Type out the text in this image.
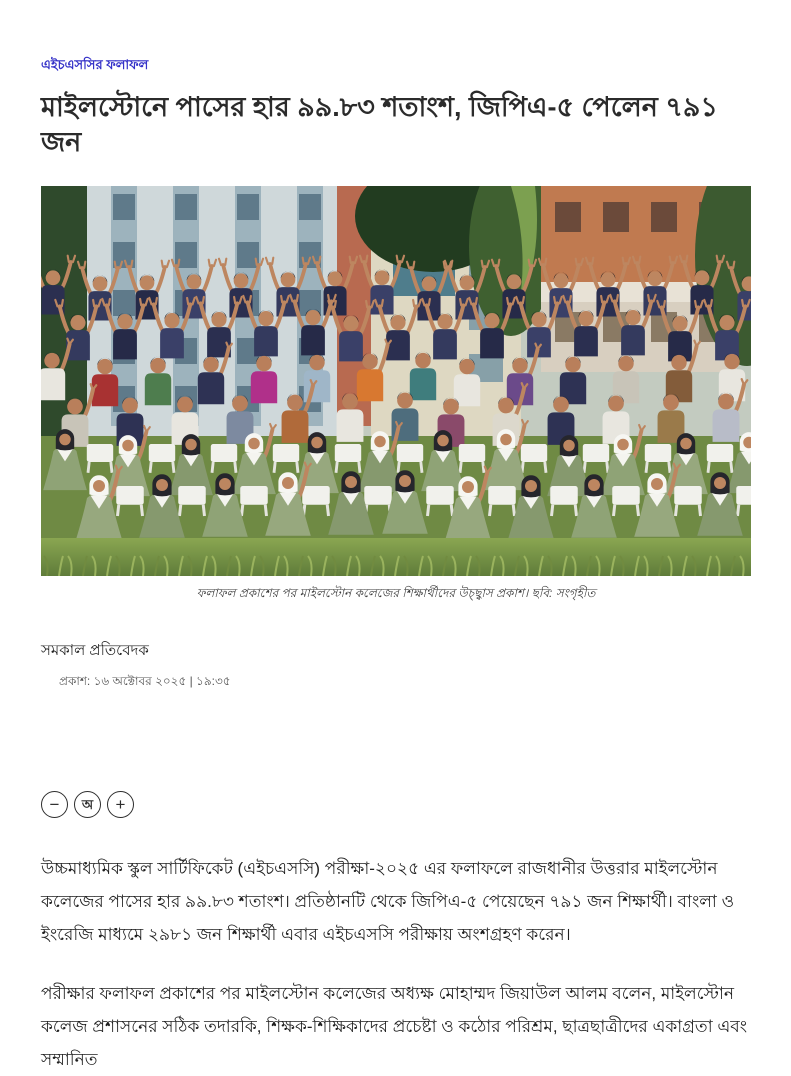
এইচএসসির ফলাফল
মাইলস্টোনে পাসের হার ৯৯.৮৩ শতাংশ, জিপিএ-৫ পেলেন ৭৯১ জন
ফলাফল প্রকাশের পর মাইলস্টোন কলেজের শিক্ষার্থীদের উচ্ছ্বাস প্রকাশ। ছবি: সংগৃহীত
সমকাল প্রতিবেদক
প্রকাশ: ১৬ অক্টোবর ২০২৫ | ১৯:৩৫
− অ +

উচ্চমাধ্যমিক স্কুল সার্টিফিকেট (এইচএসসি) পরীক্ষা-২০২৫ এর ফলাফলে রাজধানীর উত্তরার মাইলস্টোন কলেজের পাসের হার ৯৯.৮৩ শতাংশ। প্রতিষ্ঠানটি থেকে জিপিএ-৫ পেয়েছেন ৭৯১ জন শিক্ষার্থী। বাংলা ও ইংরেজি মাধ্যমে ২৯৮১ জন শিক্ষার্থী এবার এইচএসসি পরীক্ষায় অংশগ্রহণ করেন।

পরীক্ষার ফলাফল প্রকাশের পর মাইলস্টোন কলেজের অধ্যক্ষ মোহাম্মদ জিয়াউল আলম বলেন, মাইলস্টোন কলেজ প্রশাসনের সঠিক তদারকি, শিক্ষক-শিক্ষিকাদের প্রচেষ্টা ও কঠোর পরিশ্রম, ছাত্রছাত্রীদের একাগ্রতা এবং সম্মানিত
